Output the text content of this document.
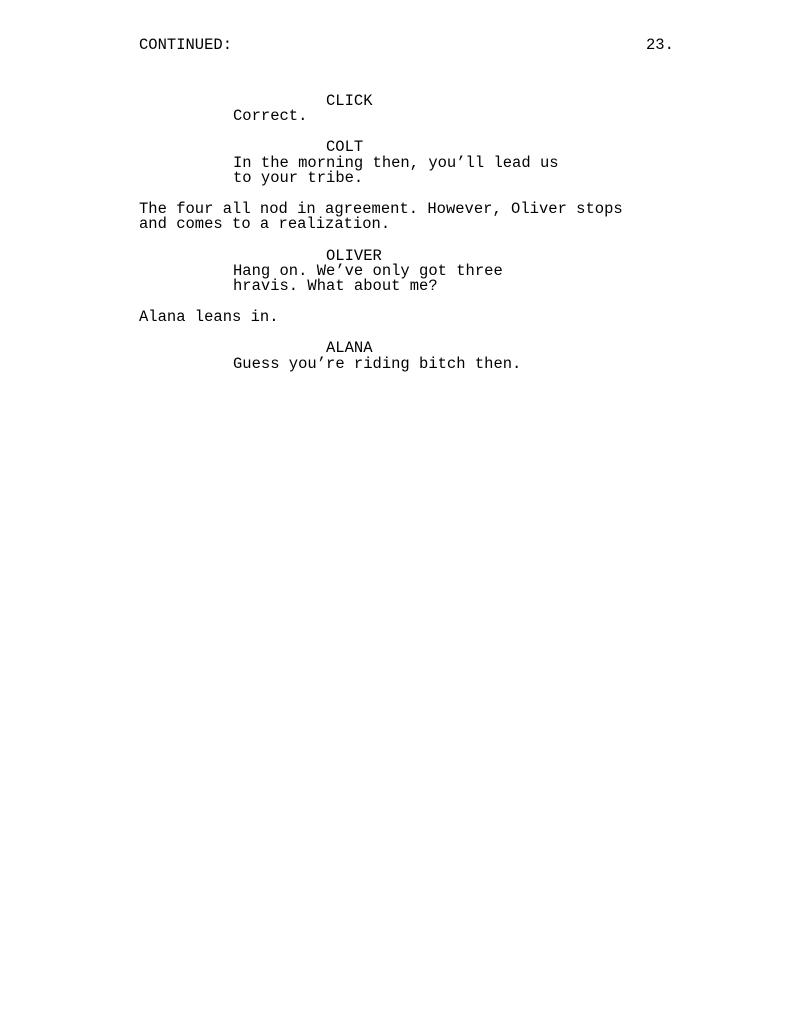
CONTINUED:	23.
CLICK
Correct.
COLT
In the morning then, you’ll lead us
to your tribe.
The four all nod in agreement. However, Oliver stops
and comes to a realization.
OLIVER
Hang on. We’ve only got three
hravis. What about me?
Alana leans in.
ALANA
Guess you’re riding bitch then.
